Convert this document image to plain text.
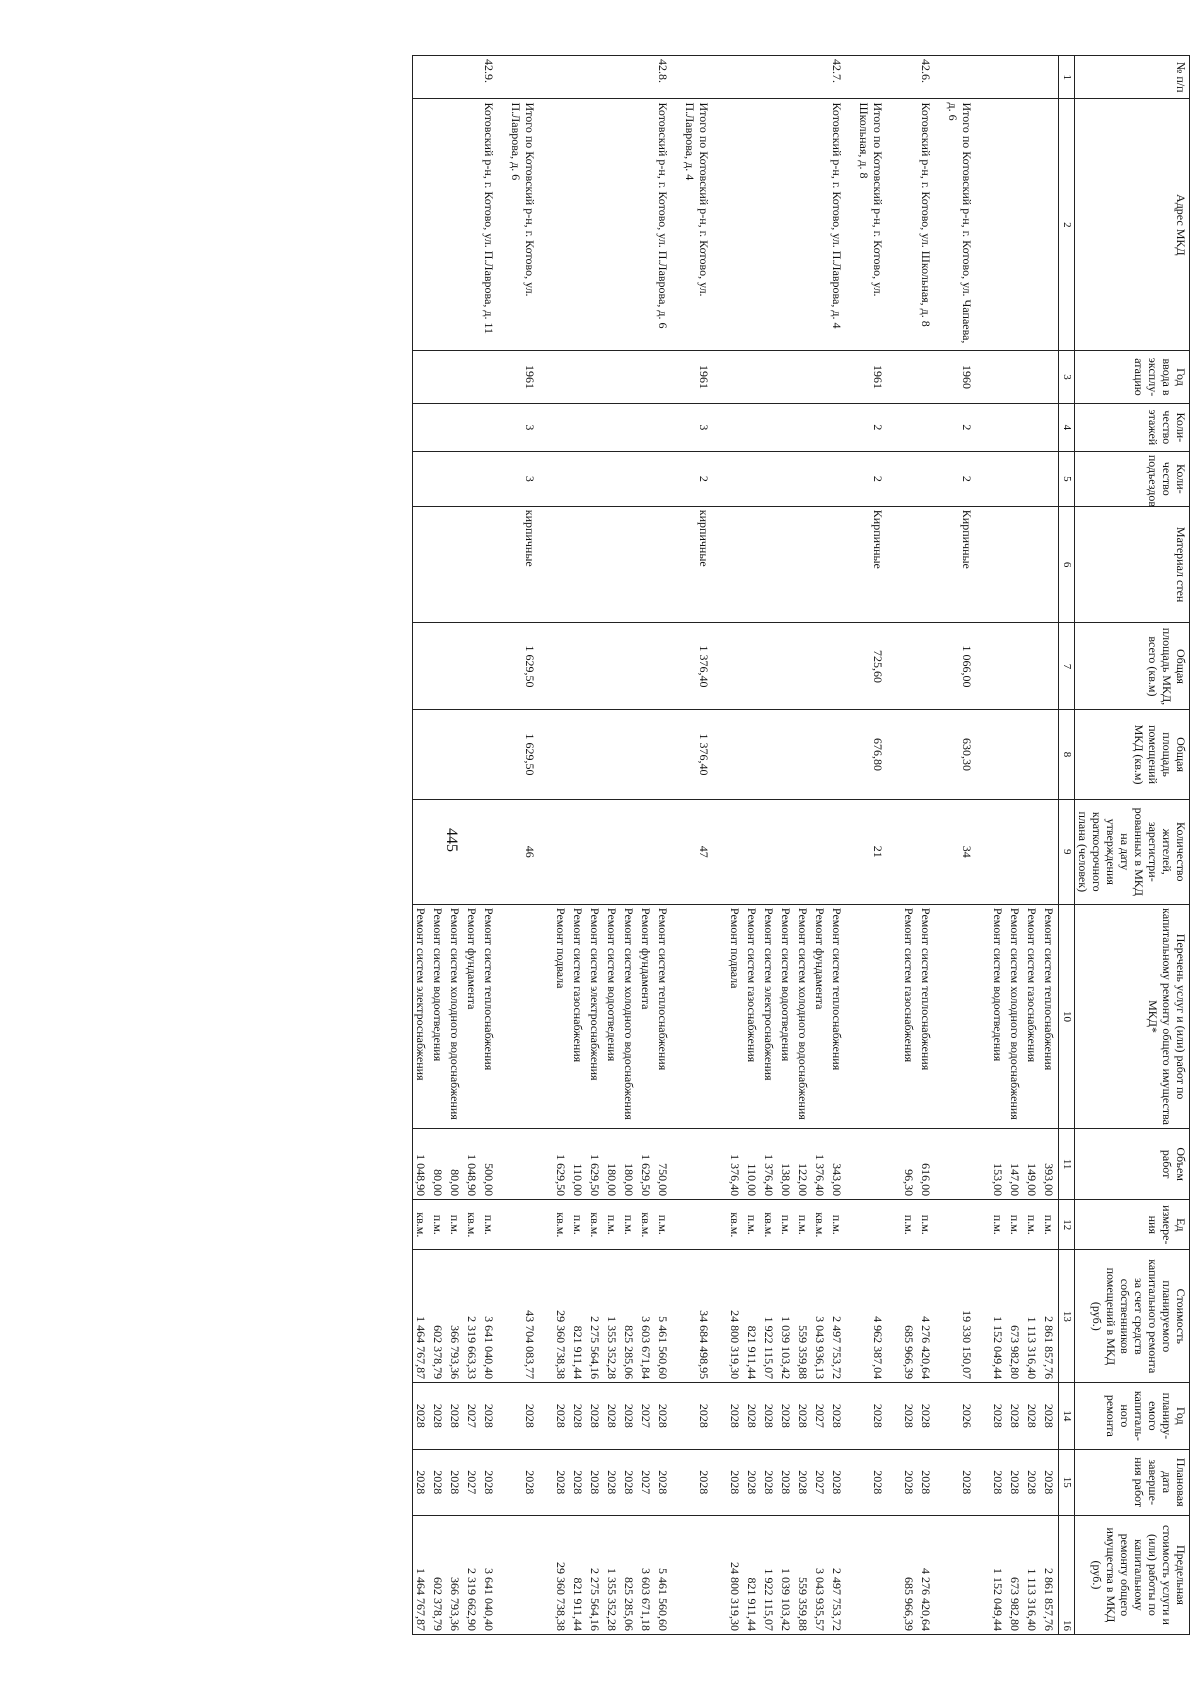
445
№ п/п	Адрес МКД	Год ввода в эксплу-атацию	Коли-чество этажей	Коли-чество подъездов	Материал стен	Общая площадь МКД, всего (кв.м)	Общая площадь помещений МКД (кв.м)	Количество жителей, зарегистри-рованных в МКД на дату утверждения краткосрочного плана (человек)	Перечень услуг и (или) работ по капитальному ремонту общего имущества МКД*	Объем работ	Ед измере-ния	Стоимость планируемого капитального ремонта за счет средств собственников помещений в МКД (руб.)	Год планиру-емого капиталь-ного ремонта	Плановая дата заверше-ния работ	Предельная стоимость услуги и (или) работы по капитальному ремонту общего имущества в МКД (руб.)
1	2	3	4	5	6	7	8	9	10	11	12	13	14	15	16
									Ремонт систем теплоснабжения	393,00	п.м.	2 861 857,76	2028	2028	2 861 857,76
									Ремонт систем газоснабжения	149,00	п.м.	1 113 316,40	2028	2028	1 113 316,40
									Ремонт систем холодного водоснабжения	147,00	п.м.	673 982,80	2028	2028	673 982,80
									Ремонт систем водоотведения	153,00	п.м.	1 152 049,44	2028	2028	1 152 049,44
	Итого по Котовский р-н, г. Котово, ул. Чапаева, д. 6	1960	2	2	Кирпичные	1 066,00	630,30	34				19 330 150,07	2026	2028	
42.6.	Котовский р-н, г. Котово, ул. Школьная, д. 8								Ремонт систем теплоснабжения	616,00	п.м.	4 276 420,64	2028	2028	4 276 420,64
									Ремонт систем газоснабжения	96,30	п.м.	685 966,39	2028	2028	685 966,39
	Итого по Котовский р-н, г. Котово, ул. Школьная, д. 8	1961	2	2	Кирпичные	725,60	676,80	21				4 962 387,04	2028	2028	
42.7.	Котовский р-н, г. Котово, ул. П.Лаврова, д. 4								Ремонт систем теплоснабжения	343,00	п.м.	2 497 753,72	2028	2028	2 497 753,72
									Ремонт фундамента	1 376,40	кв.м.	3 043 936,13	2027	2027	3 043 935,57
									Ремонт систем холодного водоснабжения	122,00	п.м.	559 359,88	2028	2028	559 359,88
									Ремонт систем водоотведения	138,00	п.м.	1 039 103,42	2028	2028	1 039 103,42
									Ремонт систем электроснабжения	1 376,40	кв.м.	1 922 115,07	2028	2028	1 922 115,07
									Ремонт систем газоснабжения	110,00	п.м.	821 911,44	2028	2028	821 911,44
									Ремонт подвала	1 376,40	кв.м.	24 800 319,30	2028	2028	24 800 319,30
	Итого по Котовский р-н, г. Котово, ул. П.Лаврова, д. 4	1961	3	2	кирпичные	1 376,40	1 376,40	47				34 684 498,95	2028	2028	
42.8.	Котовский р-н, г. Котово, ул. П.Лаврова, д. 6								Ремонт систем теплоснабжения	750,00	п.м.	5 461 560,60	2028	2028	5 461 560,60
									Ремонт фундамента	1 629,50	кв.м.	3 603 671,84	2027	2027	3 603 671,18
									Ремонт систем холодного водоснабжения	180,00	п.м.	825 285,06	2028	2028	825 285,06
									Ремонт систем водоотведения	180,00	п.м.	1 355 352,28	2028	2028	1 355 352,28
									Ремонт систем электроснабжения	1 629,50	кв.м.	2 275 564,16	2028	2028	2 275 564,16
									Ремонт систем газоснабжения	110,00	п.м.	821 911,44	2028	2028	821 911,44
									Ремонт подвала	1 629,50	кв.м.	29 360 738,38	2028	2028	29 360 738,38
	Итого по Котовский р-н, г. Котово, ул. П.Лаврова, д. 6	1961	3	3	кирпичные	1 629,50	1 629,50	46				43 704 083,77	2028	2028	
42.9.	Котовский р-н, г. Котово, ул. П.Лаврова, д. 11								Ремонт систем теплоснабжения	500,00	п.м.	3 641 040,40	2028	2028	3 641 040,40
									Ремонт фундамента	1 048,90	кв.м.	2 319 663,33	2027	2027	2 319 662,90
									Ремонт систем холодного водоснабжения	80,00	п.м.	366 793,36	2028	2028	366 793,36
									Ремонт систем водоотведения	80,00	п.м.	602 378,79	2028	2028	602 378,79
									Ремонт систем электроснабжения	1 048,90	кв.м.	1 464 767,87	2028	2028	1 464 767,87
